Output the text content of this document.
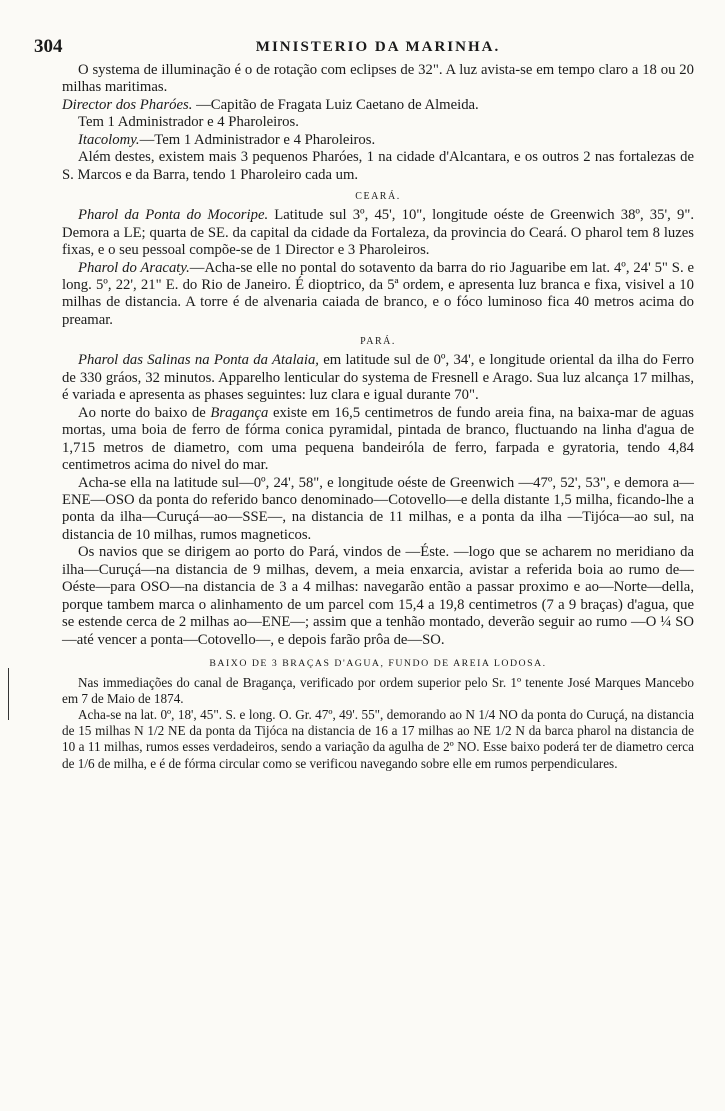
304	MINISTERIO DA MARINHA.

O systema de illuminação é o de rotação com eclipses de 32". A luz avista-se em tempo claro a 18 ou 20 milhas maritimas.

Director dos Pharóes. —Capitão de Fragata Luiz Caetano de Almeida.

Tem 1 Administrador e 4 Pharoleiros.

Itacolomy.—Tem 1 Administrador e 4 Pharoleiros.

Além destes, existem mais 3 pequenos Pharóes, 1 na cidade d'Alcantara, e os outros 2 nas fortalezas de S. Marcos e da Barra, tendo 1 Pharoleiro cada um.

CEARÁ.

Pharol da Ponta do Mocoripe. Latitude sul 3º, 45', 10", longitude oéste de Greenwich 38º, 35', 9". Demora a LE; quarta de SE. da capital da cidade da Fortaleza, da provincia do Ceará. O pharol tem 8 luzes fixas, e o seu pessoal compõe-se de 1 Director e 3 Pharoleiros.

Pharol do Aracaty.—Acha-se elle no pontal do sotavento da barra do rio Jaguaribe em lat. 4º, 24' 5" S. e long. 5º, 22', 21" E. do Rio de Janeiro. É dioptrico, da 5ª ordem, e apresenta luz branca e fixa, visivel a 10 milhas de distancia. A torre é de alvenaria caiada de branco, e o fóco luminoso fica 40 metros acima do preamar.

PARÁ.

Pharol das Salinas na Ponta da Atalaia, em latitude sul de 0º, 34', e longitude oriental da ilha do Ferro de 330 gráos, 32 minutos. Apparelho lenticular do systema de Fresnell e Arago. Sua luz alcança 17 milhas, é variada e apresenta as phases seguintes: luz clara e igual durante 70".

Ao norte do baixo de Bragança existe em 16,5 centimetros de fundo areia fina, na baixa-mar de aguas mortas, uma boia de ferro de fórma conica pyramidal, pintada de branco, fluctuando na linha d'agua de 1,715 metros de diametro, com uma pequena bandeiróla de ferro, farpada e gyratoria, tendo 4,84 centimetros acima do nivel do mar.

Acha-se ella na latitude sul—0º, 24', 58", e longitude oéste de Greenwich —47º, 52', 53", e demora a—ENE—OSO da ponta do referido banco denominado—Cotovello—e della distante 1,5 milha, ficando-lhe a ponta da ilha—Curuçá—ao—SSE—, na distancia de 11 milhas, e a ponta da ilha —Tijóca—ao sul, na distancia de 10 milhas, rumos magneticos.

Os navios que se dirigem ao porto do Pará, vindos de —Éste. —logo que se acharem no meridiano da ilha—Curuçá—na distancia de 9 milhas, devem, a meia enxarcia, avistar a referida boia ao rumo de—Oéste—para OSO—na distancia de 3 a 4 milhas: navegarão então a passar proximo e ao—Norte—della, porque tambem marca o alinhamento de um parcel com 15,4 a 19,8 centimetros (7 a 9 braças) d'agua, que se estende cerca de 2 milhas ao—ENE—; assim que a tenhão montado, deverão seguir ao rumo —O ¼ SO—até vencer a ponta—Cotovello—, e depois farão prôa de—SO.

BAIXO DE 3 BRAÇAS D'AGUA, FUNDO DE AREIA LODOSA.

Nas immediações do canal de Bragança, verificado por ordem superior pelo Sr. 1º tenente José Marques Mancebo em 7 de Maio de 1874.

Acha-se na lat. 0º, 18', 45". S. e long. O. Gr. 47º, 49'. 55", demorando ao N 1/4 NO da ponta do Curuçá, na distancia de 15 milhas N 1/2 NE da ponta da Tijóca na distancia de 16 a 17 milhas ao NE 1/2 N da barca pharol na distancia de 10 a 11 milhas, rumos esses verdadeiros, sendo a variação da agulha de 2º NO. Esse baixo poderá ter de diametro cerca de 1/6 de milha, e é de fórma circular como se verificou navegando sobre elle em rumos perpendiculares.
